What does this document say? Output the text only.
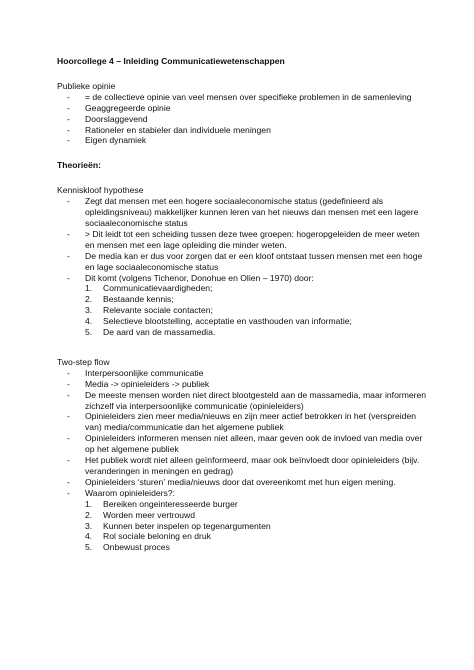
Hoorcollege 4 – Inleiding Communicatiewetenschappen
Publieke opinie
- = de collectieve opinie van veel mensen over specifieke problemen in de samenleving
- Geaggregeerde opinie
- Doorslaggevend
- Rationeler en stabieler dan individuele meningen
- Eigen dynamiek
Theorieën:
Kenniskloof hypothese
- Zegt dat mensen met een hogere sociaaleconomische status (gedefinieerd als opleidingsniveau) makkelijker kunnen leren van het nieuws dan mensen met een lagere sociaaleconomische status
- > Dit leidt tot een scheiding tussen deze twee groepen: hogeropgeleiden de meer weten en mensen met een lage opleiding die minder weten.
- De media kan er dus voor zorgen dat er een kloof ontstaat tussen mensen met een hoge en lage sociaaleconomische status
- Dit komt (volgens Tichenor, Donohue en Olien – 1970) door:
1. Communicatievaardigheden;
2. Bestaande kennis;
3. Relevante sociale contacten;
4. Selectieve blootstelling, acceptatie en vasthouden van informatie;
5. De aard van de massamedia.
Two-step flow
- Interpersoonlijke communicatie
- Media -> opinieleiders -> publiek
- De meeste mensen worden niet direct blootgesteld aan de massamedia, maar informeren zichzelf via interpersoonlijke communicatie (opinieleiders)
- Opinieleiders zien meer media/nieuws en zijn meer actief betrokken in het (verspreiden van) media/communicatie dan het algemene publiek
- Opinieleiders informeren mensen niet alleen, maar geven ook de invloed van media over op het algemene publiek
- Het publiek wordt niet alleen geïnformeerd, maar ook beïnvloedt door opinieleiders (bijv. veranderingen in meningen en gedrag)
- Opinieleiders ‘sturen’ media/nieuws door dat overeenkomt met hun eigen mening.
- Waarom opinieleiders?:
1. Bereiken ongeinteresseerde burger
2. Worden meer vertrouwd
3. Kunnen beter inspelen op tegenargumenten
4. Rol sociale beloning en druk
5. Onbewust proces
